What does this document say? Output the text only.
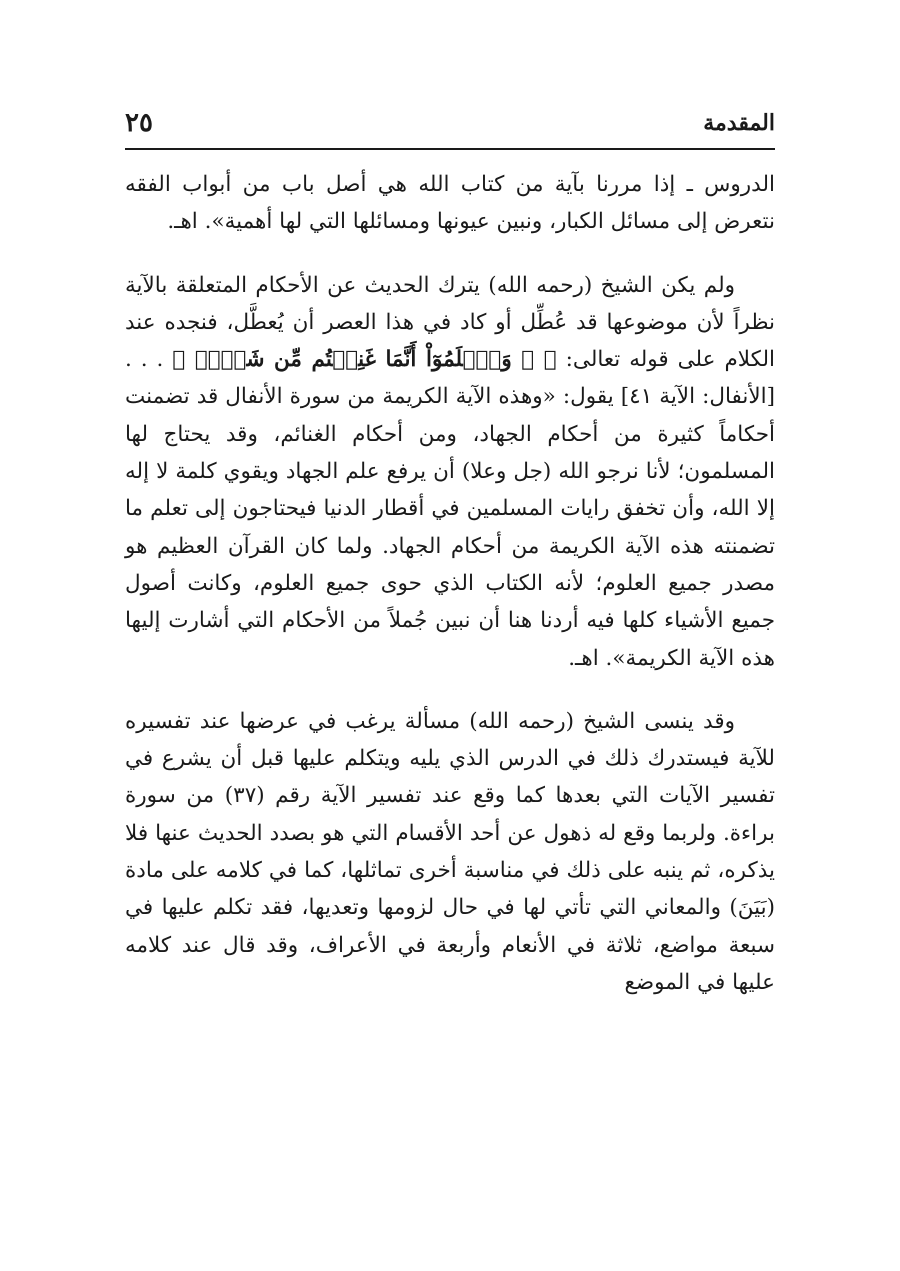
المقدمة
٢٥

الدروس ـ إذا مررنا بآية من كتاب الله هي أصل باب من أبواب الفقه نتعرض إلى مسائل الكبار، ونبين عيونها ومسائلها التي لها أهمية». اهـ.

ولم يكن الشيخ (رحمه الله) يترك الحديث عن الأحكام المتعلقة بالآية نظراً لأن موضوعها قد عُطِّل أو كاد في هذا العصر أن يُعطَّل، فنجده عند الكلام على قوله تعالى: ﴿ ۞ وَٱعۡلَمُوٓاْ أَنَّمَا غَنِمۡتُم مِّن شَيۡءٖ ﴾ . . . [الأنفال: الآية ٤١] يقول: «وهذه الآية الكريمة من سورة الأنفال قد تضمنت أحكاماً كثيرة من أحكام الجهاد، ومن أحكام الغنائم، وقد يحتاج لها المسلمون؛ لأنا نرجو الله (جل وعلا) أن يرفع علم الجهاد ويقوي كلمة لا إله إلا الله، وأن تخفق رايات المسلمين في أقطار الدنيا فيحتاجون إلى تعلم ما تضمنته هذه الآية الكريمة من أحكام الجهاد. ولما كان القرآن العظيم هو مصدر جميع العلوم؛ لأنه الكتاب الذي حوى جميع العلوم، وكانت أصول جميع الأشياء كلها فيه أردنا هنا أن نبين جُملاً من الأحكام التي أشارت إليها هذه الآية الكريمة». اهـ.

وقد ينسى الشيخ (رحمه الله) مسألة يرغب في عرضها عند تفسيره للآية فيستدرك ذلك في الدرس الذي يليه ويتكلم عليها قبل أن يشرع في تفسير الآيات التي بعدها كما وقع عند تفسير الآية رقم (٣٧) من سورة براءة. ولربما وقع له ذهول عن أحد الأقسام التي هو بصدد الحديث عنها فلا يذكره، ثم ينبه على ذلك في مناسبة أخرى تماثلها، كما في كلامه على مادة (بَيَنَ) والمعاني التي تأتي لها في حال لزومها وتعديها، فقد تكلم عليها في سبعة مواضع، ثلاثة في الأنعام وأربعة في الأعراف، وقد قال عند كلامه عليها في الموضع
